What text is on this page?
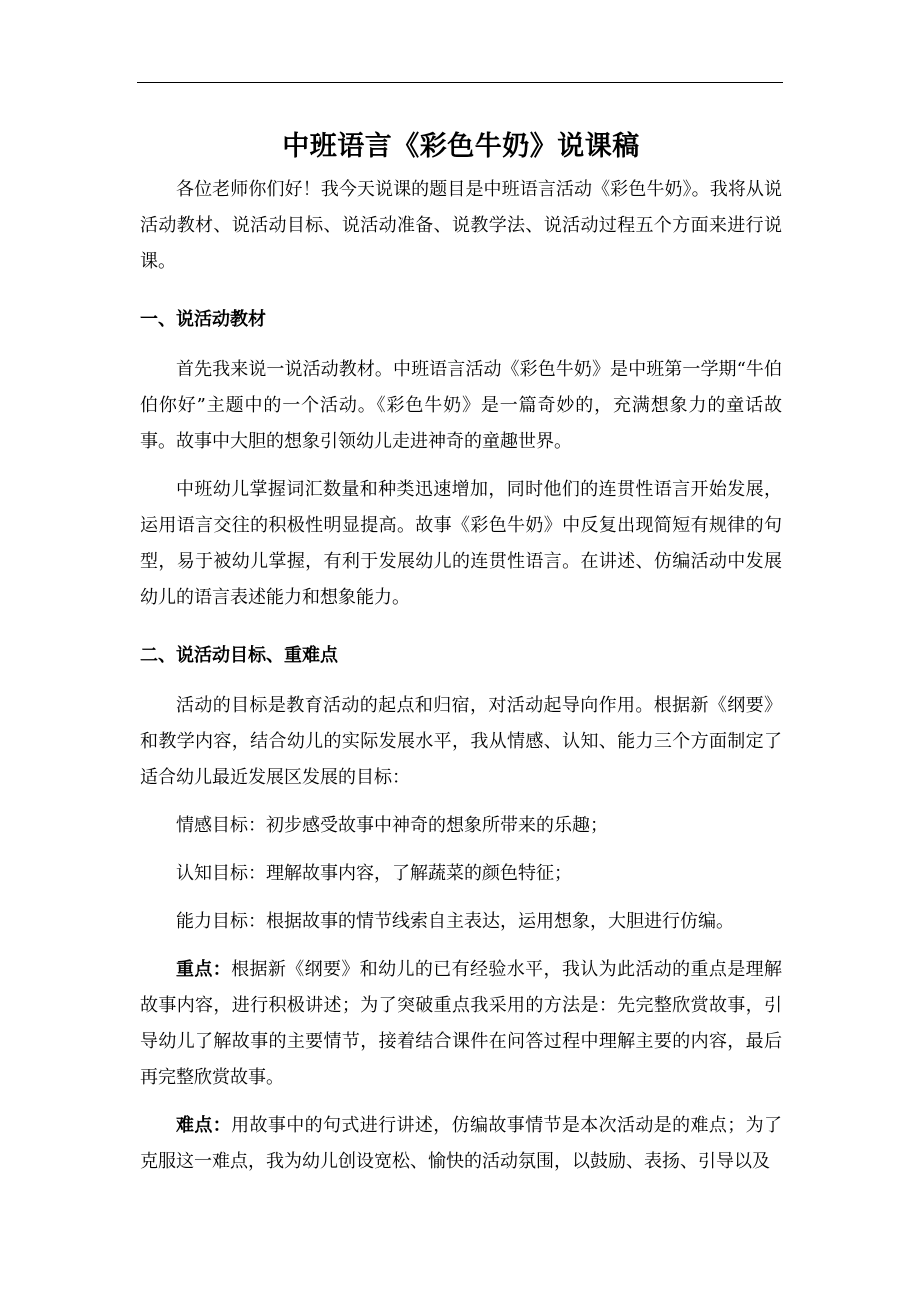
中班语言《彩色牛奶》说课稿

各位老师你们好！我今天说课的题目是中班语言活动《彩色牛奶》。我将从说活动教材、说活动目标、说活动准备、说教学法、说活动过程五个方面来进行说课。

一、说活动教材

首先我来说一说活动教材。中班语言活动《彩色牛奶》是中班第一学期“牛伯伯你好”主题中的一个活动。《彩色牛奶》是一篇奇妙的，充满想象力的童话故事。故事中大胆的想象引领幼儿走进神奇的童趣世界。

中班幼儿掌握词汇数量和种类迅速增加，同时他们的连贯性语言开始发展，运用语言交往的积极性明显提高。故事《彩色牛奶》中反复出现简短有规律的句型，易于被幼儿掌握，有利于发展幼儿的连贯性语言。在讲述、仿编活动中发展幼儿的语言表述能力和想象能力。

二、说活动目标、重难点

活动的目标是教育活动的起点和归宿，对活动起导向作用。根据新《纲要》和教学内容，结合幼儿的实际发展水平，我从情感、认知、能力三个方面制定了适合幼儿最近发展区发展的目标：

情感目标：初步感受故事中神奇的想象所带来的乐趣；

认知目标：理解故事内容，了解蔬菜的颜色特征；

能力目标：根据故事的情节线索自主表达，运用想象，大胆进行仿编。

重点：根据新《纲要》和幼儿的已有经验水平，我认为此活动的重点是理解故事内容，进行积极讲述；为了突破重点我采用的方法是：先完整欣赏故事，引导幼儿了解故事的主要情节，接着结合课件在问答过程中理解主要的内容，最后再完整欣赏故事。

难点：用故事中的句式进行讲述，仿编故事情节是本次活动是的难点；为了克服这一难点，我为幼儿创设宽松、愉快的活动氛围，以鼓励、表扬、引导以及
